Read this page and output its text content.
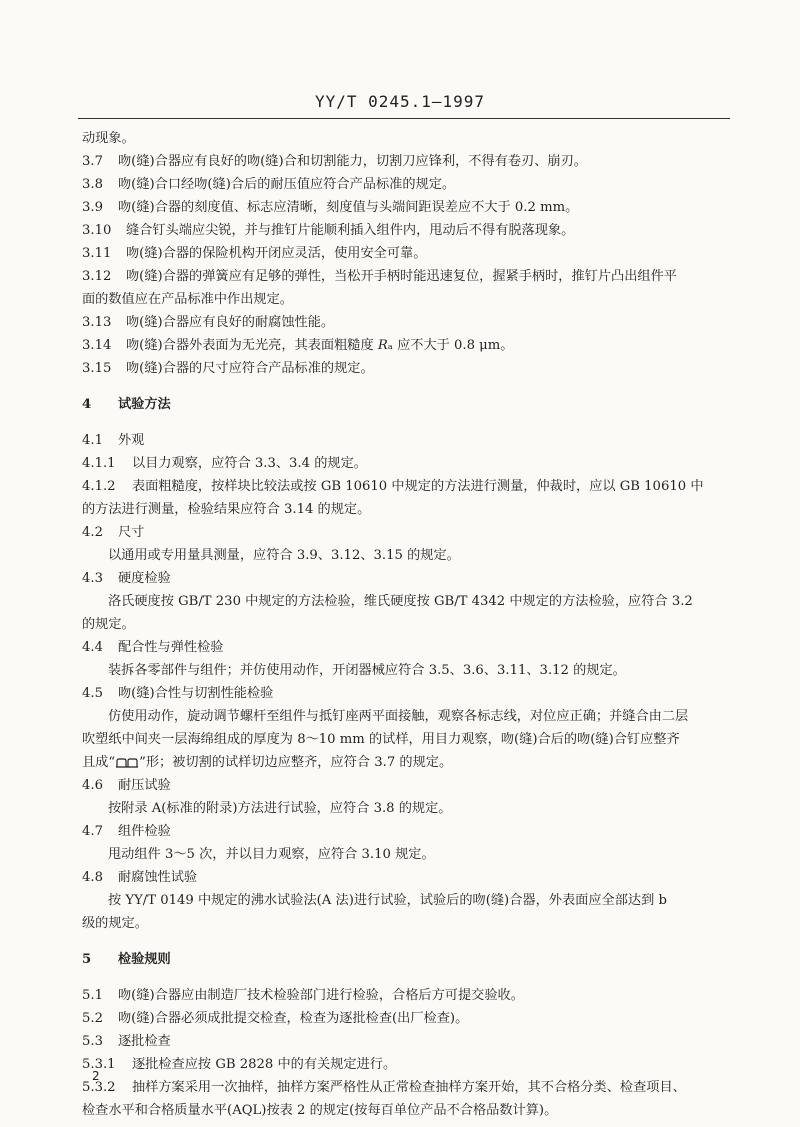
YY/T 0245.1—1997
动现象。
3.7 吻(缝)合器应有良好的吻(缝)合和切割能力，切割刀应锋利，不得有卷刃、崩刃。
3.8 吻(缝)合口经吻(缝)合后的耐压值应符合产品标准的规定。
3.9 吻(缝)合器的刻度值、标志应清晰，刻度值与头端间距误差应不大于 0.2 mm。
3.10 缝合钉头端应尖锐，并与推钉片能顺利插入组件内，甩动后不得有脱落现象。
3.11 吻(缝)合器的保险机构开闭应灵活，使用安全可靠。
3.12 吻(缝)合器的弹簧应有足够的弹性，当松开手柄时能迅速复位，握紧手柄时，推钉片凸出组件平
面的数值应在产品标准中作出规定。
3.13 吻(缝)合器应有良好的耐腐蚀性能。
3.14 吻(缝)合器外表面为无光亮，其表面粗糙度 Rₐ 应不大于 0.8 μm。
3.15 吻(缝)合器的尺寸应符合产品标准的规定。
4 试验方法
4.1 外观
4.1.1 以目力观察，应符合 3.3、3.4 的规定。
4.1.2 表面粗糙度，按样块比较法或按 GB 10610 中规定的方法进行测量，仲裁时，应以 GB 10610 中
的方法进行测量，检验结果应符合 3.14 的规定。
4.2 尺寸
以通用或专用量具测量，应符合 3.9、3.12、3.15 的规定。
4.3 硬度检验
洛氏硬度按 GB/T 230 中规定的方法检验，维氏硬度按 GB/T 4342 中规定的方法检验，应符合 3.2
的规定。
4.4 配合性与弹性检验
装拆各零部件与组件；并仿使用动作，开闭器械应符合 3.5、3.6、3.11、3.12 的规定。
4.5 吻(缝)合性与切割性能检验
仿使用动作，旋动调节螺杆至组件与抵钉座两平面接触，观察各标志线，对位应正确；并缝合由二层
吹塑纸中间夹一层海绵组成的厚度为 8～10 mm 的试样，用目力观察，吻(缝)合后的吻(缝)合钉应整齐
且成“ ”形；被切割的试样切边应整齐，应符合 3.7 的规定。
4.6 耐压试验
按附录 A(标准的附录)方法进行试验，应符合 3.8 的规定。
4.7 组件检验
甩动组件 3～5 次，并以目力观察，应符合 3.10 规定。
4.8 耐腐蚀性试验
按 YY/T 0149 中规定的沸水试验法(A 法)进行试验，试验后的吻(缝)合器，外表面应全部达到 b
级的规定。
5 检验规则
5.1 吻(缝)合器应由制造厂技术检验部门进行检验，合格后方可提交验收。
5.2 吻(缝)合器必须成批提交检查，检查为逐批检查(出厂检查)。
5.3 逐批检查
5.3.1 逐批检查应按 GB 2828 中的有关规定进行。
5.3.2 抽样方案采用一次抽样，抽样方案严格性从正常检查抽样方案开始，其不合格分类、检查项目、
检查水平和合格质量水平(AQL)按表 2 的规定(按每百单位产品不合格品数计算)。
2
